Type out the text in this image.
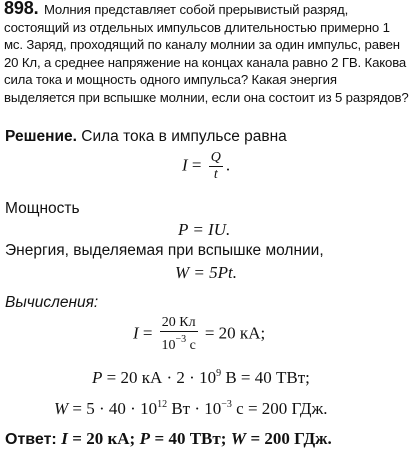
898. Молния представляет собой прерывистый разряд, состоящий из отдельных импульсов длительностью примерно 1 мс. Заряд, проходящий по каналу молнии за один импульс, равен 20 Кл, а среднее напряжение на концах канала равно 2 ГВ. Какова сила тока и мощность одного импульса? Какая энергия выделяется при вспышке молнии, если она состоит из 5 разрядов?

Решение. Сила тока в импульсе равна
$I = \frac{Q}{t}$ .
Мощность
P = IU.
Энергия, выделяемая при вспышке молнии,
W = 5Pt.
Вычисления:
$I = \frac{20 Кл}{10^{-3} с} = 20$ кА;
P = 20 кА · $2 \cdot 10^9$ В = 40 ТВт;
$W = 5 \cdot 40 \cdot 10^{12}$ Вт · $10^{-3}$ с = 200 ГДж.
Ответ: I = 20 кА; P = 40 ТВт; W = 200 ГДж.
